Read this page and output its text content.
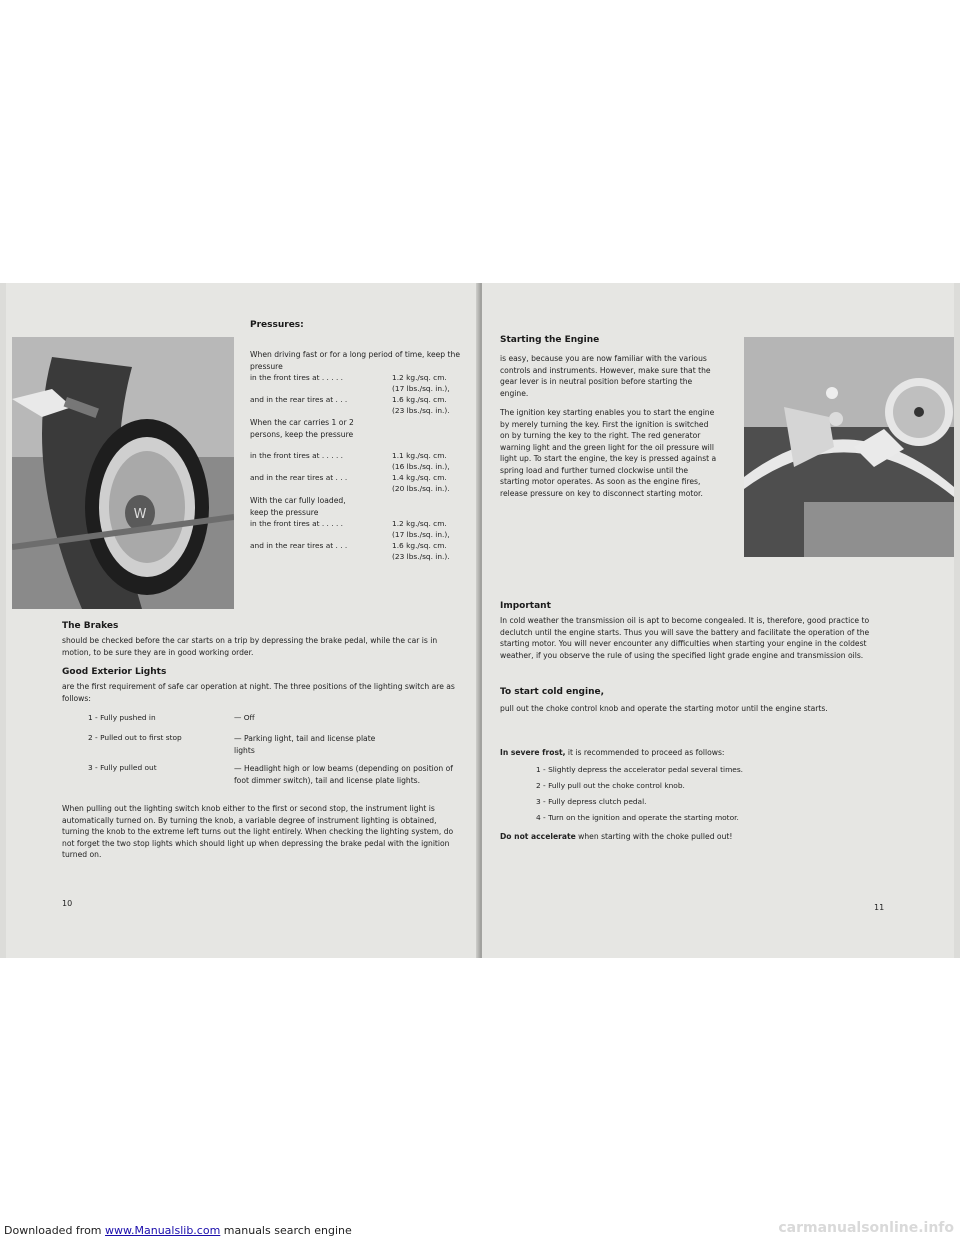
Downloaded from www.Manualslib.com manuals search engine	carmanualsonline.info
W
Pressures:
When driving fast or for a long period of time, keep the pressure
in the front tires at . . . . .	1.2 kg./sq. cm.
(17 lbs./sq. in.),
and in the rear tires at . . .	1.6 kg./sq. cm.
(23 lbs./sq. in.).
When the car carries 1 or 2 persons, keep the pressure
in the front tires at . . . . .	1.1 kg./sq. cm.
(16 lbs./sq. in.),
and in the rear tires at . . .	1.4 kg./sq. cm.
(20 lbs./sq. in.).
With the car fully loaded, keep the pressure
in the front tires at . . . . .	1.2 kg./sq. cm.
(17 lbs./sq. in.),
and in the rear tires at . . .	1.6 kg./sq. cm.
(23 lbs./sq. in.).
The Brakes
should be checked before the car starts on a trip by depressing the brake pedal, while the car is in motion, to be sure they are in good working order.
Good Exterior Lights
are the first requirement of safe car operation at night. The three positions of the lighting switch are as follows:
1 - Fully pushed in	— Off
2 - Pulled out to first stop	— Parking light, tail and license plate lights
3 - Fully pulled out	— Headlight high or low beams (depending on position of foot dimmer switch), tail and license plate lights.
When pulling out the lighting switch knob either to the first or second stop, the instrument light is automatically turned on. By turning the knob, a variable degree of instrument lighting is obtained, turning the knob to the extreme left turns out the light entirely. When checking the lighting system, do not forget the two stop lights which should light up when depressing the brake pedal with the ignition turned on.
10
Starting the Engine
is easy, because you are now familiar with the various controls and instruments. However, make sure that the gear lever is in neutral position before starting the engine.
The ignition key starting enables you to start the engine by merely turning the key. First the ignition is switched on by turning the key to the right. The red generator warning light and the green light for the oil pressure will light up. To start the engine, the key is pressed against a spring load and further turned clockwise until the starting motor operates. As soon as the engine fires, release pressure on key to disconnect starting motor.
Important
In cold weather the transmission oil is apt to become congealed. It is, therefore, good practice to declutch until the engine starts. Thus you will save the battery and facilitate the operation of the starting motor. You will never encounter any difficulties when starting your engine in the coldest weather, if you observe the rule of using the specified light grade engine and transmission oils.
To start cold engine,
pull out the choke control knob and operate the starting motor until the engine starts.
In severe frost, it is recommended to proceed as follows:
1 - Slightly depress the accelerator pedal several times.
2 - Fully pull out the choke control knob.
3 - Fully depress clutch pedal.
4 - Turn on the ignition and operate the starting motor.
Do not accelerate when starting with the choke pulled out!
11
